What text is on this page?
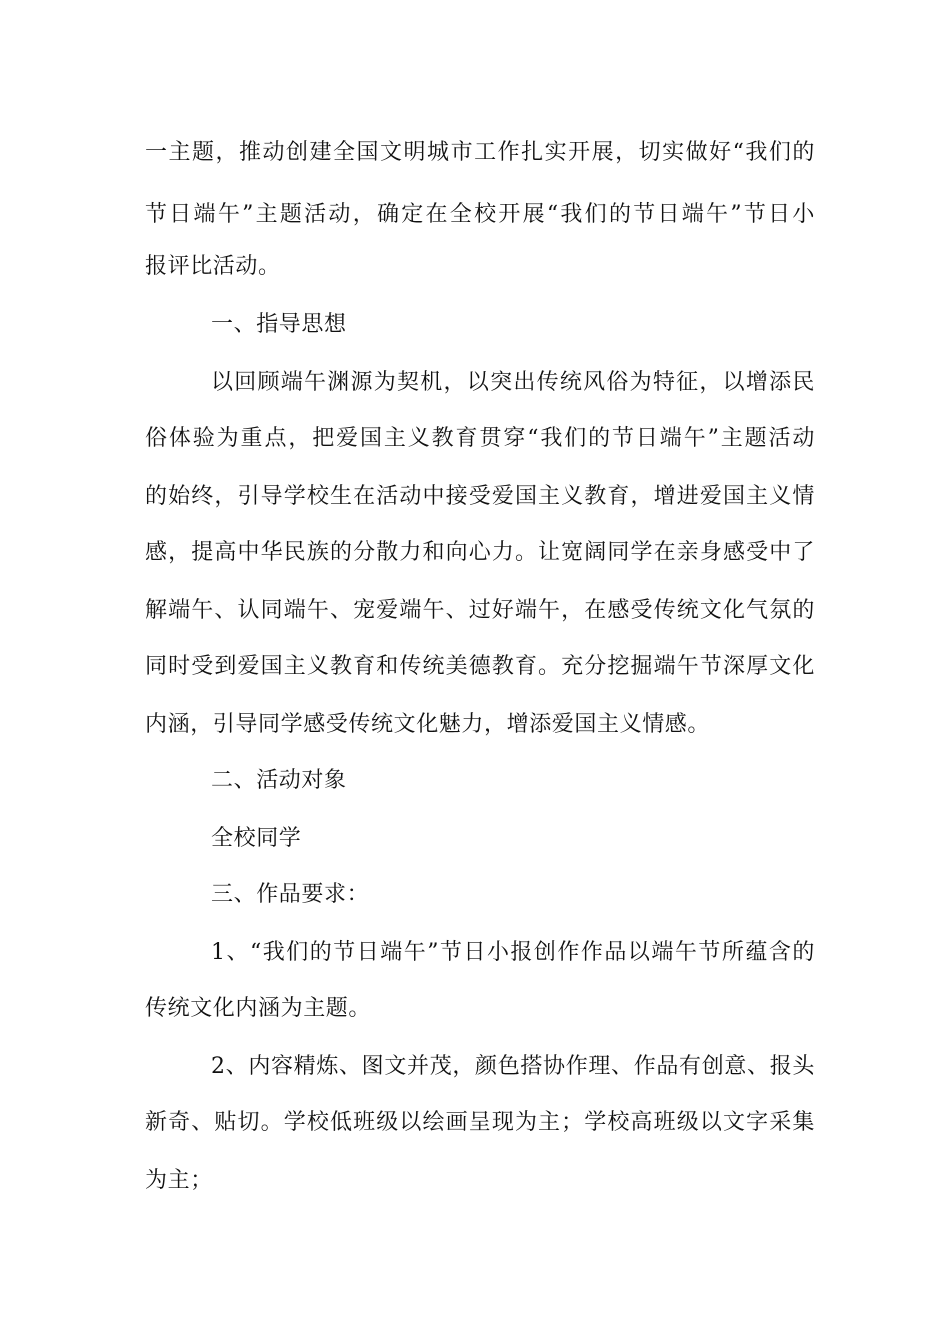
一主题，推动创建全国文明城市工作扎实开展，切实做好“我们的

节日端午”主题活动，确定在全校开展“我们的节日端午”节日小

报评比活动。

一、指导思想

以回顾端午渊源为契机，以突出传统风俗为特征，以增添民

俗体验为重点，把爱国主义教育贯穿“我们的节日端午”主题活动

的始终，引导学校生在活动中接受爱国主义教育，增进爱国主义情

感，提高中华民族的分散力和向心力。让宽阔同学在亲身感受中了

解端午、认同端午、宠爱端午、过好端午，在感受传统文化气氛的

同时受到爱国主义教育和传统美德教育。充分挖掘端午节深厚文化

内涵，引导同学感受传统文化魅力，增添爱国主义情感。

二、活动对象

全校同学

三、作品要求：

1、“我们的节日端午”节日小报创作作品以端午节所蕴含的

传统文化内涵为主题。

2、内容精炼、图文并茂，颜色搭协作理、作品有创意、报头

新奇、贴切。学校低班级以绘画呈现为主；学校高班级以文字采集

为主；
